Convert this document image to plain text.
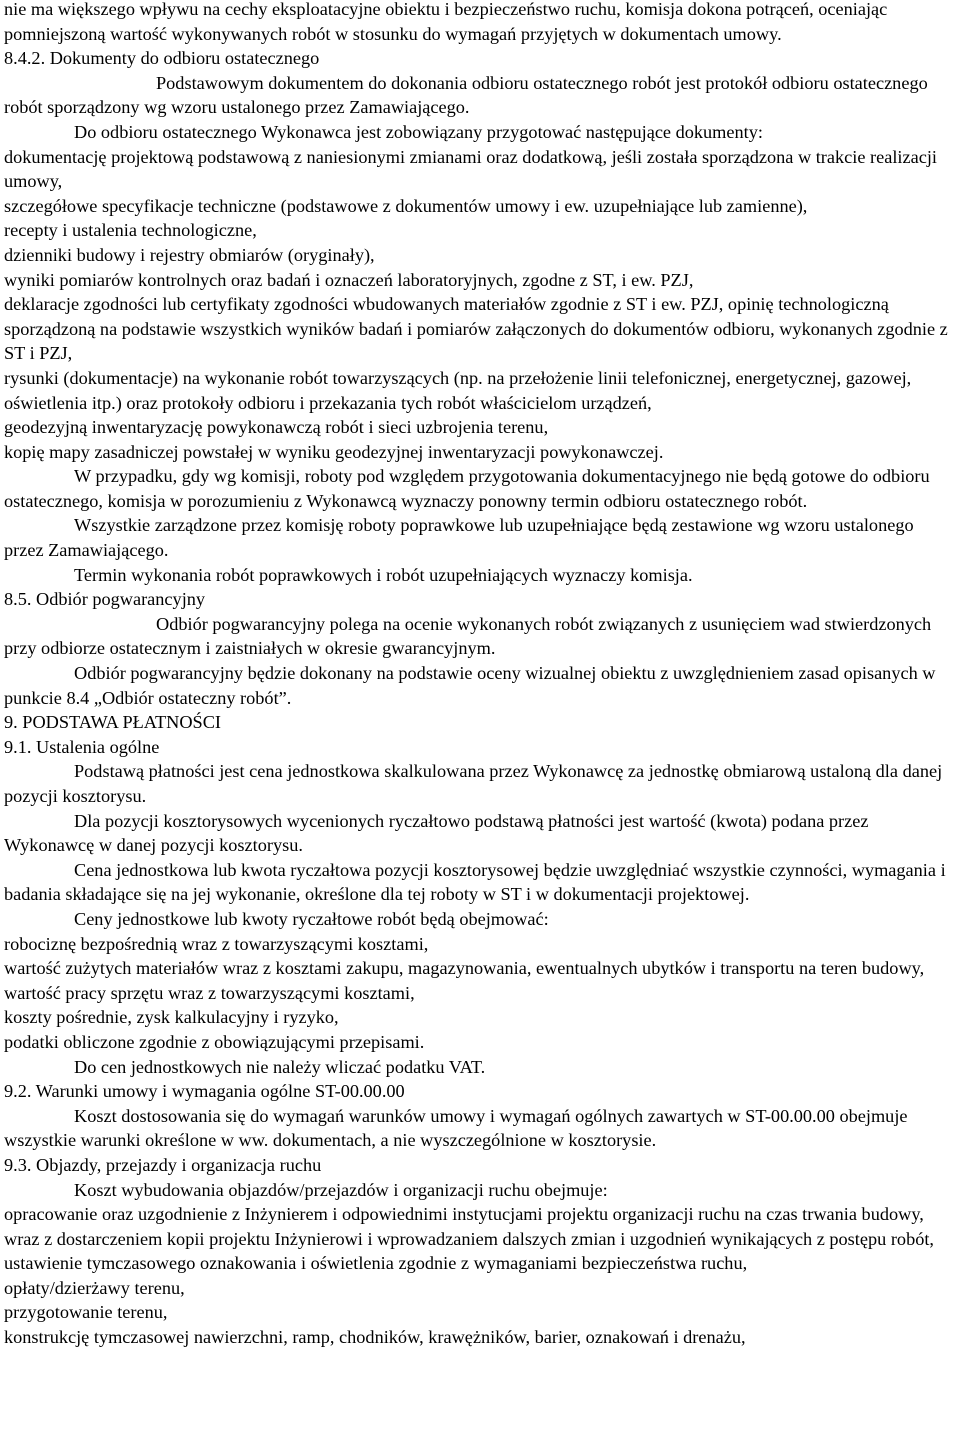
nie ma większego wpływu na cechy eksploatacyjne obiektu i bezpieczeństwo ruchu, komisja dokona potrąceń, oceniając pomniejszoną wartość wykonywanych robót w stosunku do wymagań przyjętych w dokumentach umowy.

8.4.2. Dokumenty do odbioru ostatecznego

Podstawowym dokumentem do dokonania odbioru ostatecznego robót jest protokół odbioru ostatecznego robót sporządzony wg wzoru ustalonego przez Zamawiającego.

Do odbioru ostatecznego Wykonawca jest zobowiązany przygotować następujące dokumenty:

dokumentację projektową podstawową z naniesionymi zmianami oraz dodatkową, jeśli została sporządzona w trakcie realizacji umowy,

szczegółowe specyfikacje techniczne (podstawowe z dokumentów umowy i ew. uzupełniające lub zamienne),

recepty i ustalenia technologiczne,

dzienniki budowy i rejestry obmiarów (oryginały),

wyniki pomiarów kontrolnych oraz badań i oznaczeń laboratoryjnych, zgodne z ST, i ew. PZJ,

deklaracje zgodności lub certyfikaty zgodności wbudowanych materiałów zgodnie z ST i ew. PZJ, opinię technologiczną sporządzoną na podstawie wszystkich wyników badań i pomiarów załączonych do dokumentów odbioru, wykonanych zgodnie z ST i PZJ,

rysunki (dokumentacje) na wykonanie robót towarzyszących (np. na przełożenie linii telefonicznej, energetycznej, gazowej, oświetlenia itp.) oraz protokoły odbioru i przekazania tych robót właścicielom urządzeń,

geodezyjną inwentaryzację powykonawczą robót i sieci uzbrojenia terenu,

kopię mapy zasadniczej powstałej w wyniku geodezyjnej inwentaryzacji powykonawczej.

W przypadku, gdy wg komisji, roboty pod względem przygotowania dokumentacyjnego nie będą gotowe do odbioru ostatecznego, komisja w porozumieniu z Wykonawcą wyznaczy ponowny termin odbioru ostatecznego robót.

Wszystkie zarządzone przez komisję roboty poprawkowe lub uzupełniające będą zestawione wg wzoru ustalonego przez Zamawiającego.

Termin wykonania robót poprawkowych i robót uzupełniających wyznaczy komisja.

8.5. Odbiór pogwarancyjny

Odbiór pogwarancyjny polega na ocenie wykonanych robót związanych z usunięciem wad stwierdzonych przy odbiorze ostatecznym i zaistniałych w okresie gwarancyjnym.

Odbiór pogwarancyjny będzie dokonany na podstawie oceny wizualnej obiektu z uwzględnieniem zasad opisanych w punkcie 8.4 „Odbiór ostateczny robót”.

9. PODSTAWA PŁATNOŚCI

9.1. Ustalenia ogólne

Podstawą płatności jest cena jednostkowa skalkulowana przez Wykonawcę za jednostkę obmiarową ustaloną dla danej pozycji kosztorysu.

Dla pozycji kosztorysowych wycenionych ryczałtowo podstawą płatności jest wartość (kwota) podana przez Wykonawcę w danej pozycji kosztorysu.

Cena jednostkowa lub kwota ryczałtowa pozycji kosztorysowej będzie uwzględniać wszystkie czynności, wymagania i badania składające się na jej wykonanie, określone dla tej roboty w ST i w dokumentacji projektowej.

Ceny jednostkowe lub kwoty ryczałtowe robót będą obejmować:

robociznę bezpośrednią wraz z towarzyszącymi kosztami,

wartość zużytych materiałów wraz z kosztami zakupu, magazynowania, ewentualnych ubytków i transportu na teren budowy,

wartość pracy sprzętu wraz z towarzyszącymi kosztami,

koszty pośrednie, zysk kalkulacyjny i ryzyko,

podatki obliczone zgodnie z obowiązującymi przepisami.

Do cen jednostkowych nie należy wliczać podatku VAT.

9.2. Warunki umowy i wymagania ogólne ST-00.00.00

Koszt dostosowania się do wymagań warunków umowy i wymagań ogólnych zawartych w ST-00.00.00 obejmuje wszystkie warunki określone w ww. dokumentach, a nie wyszczególnione w kosztorysie.

9.3. Objazdy, przejazdy i organizacja ruchu

Koszt wybudowania objazdów/przejazdów i organizacji ruchu obejmuje:

opracowanie oraz uzgodnienie z Inżynierem i odpowiednimi instytucjami projektu organizacji ruchu na czas trwania budowy, wraz z dostarczeniem kopii projektu Inżynierowi i wprowadzaniem dalszych zmian i uzgodnień wynikających z postępu robót,

ustawienie tymczasowego oznakowania i oświetlenia zgodnie z wymaganiami bezpieczeństwa ruchu,

opłaty/dzierżawy terenu,

przygotowanie terenu,

konstrukcję tymczasowej nawierzchni, ramp, chodników, krawężników, barier, oznakowań i drenażu,
